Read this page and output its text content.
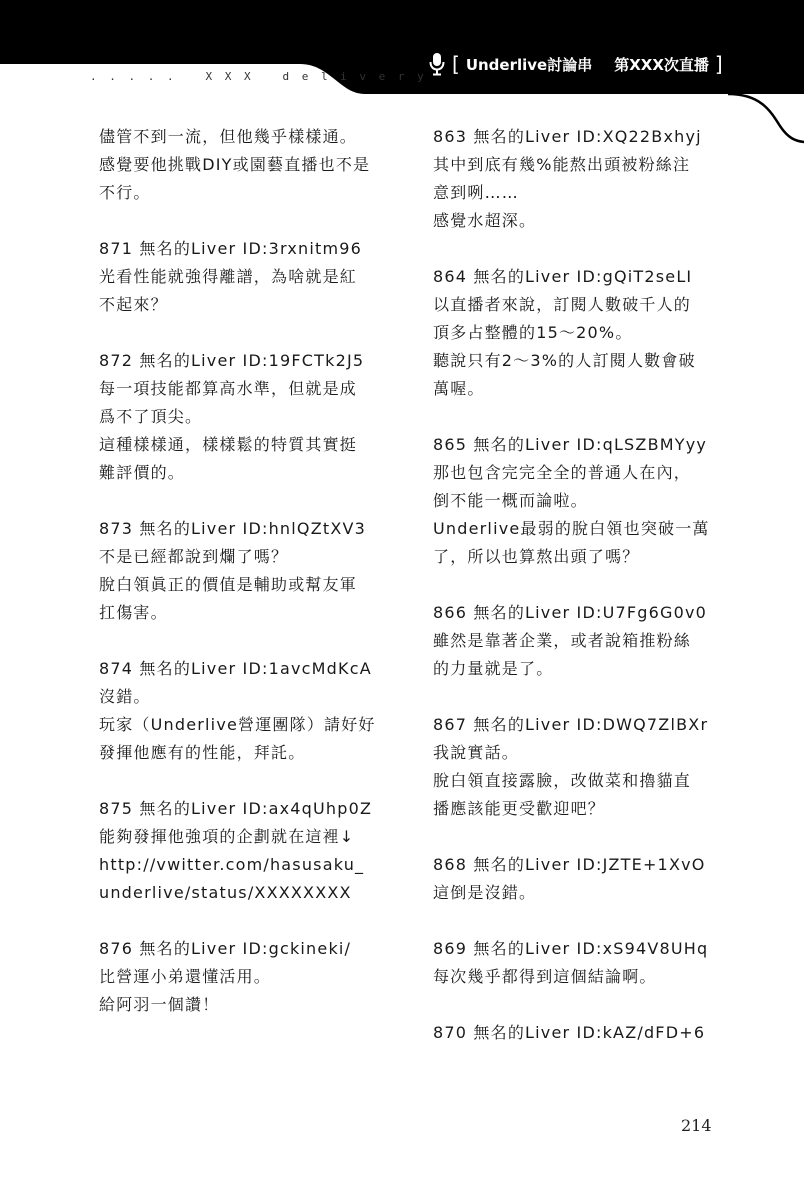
. . . . .   X X X   d e l i v e r y
[ Underlive討論串 第XXX次直播 ]

儘管不到一流，但他幾乎樣樣通。
感覺要他挑戰DIY或園藝直播也不是
不行。

871 無名的Liver ID:3rxnitm96
光看性能就強得離譜，為啥就是紅
不起來？

872 無名的Liver ID:19FCTk2J5
每一項技能都算高水準，但就是成
爲不了頂尖。
這種樣樣通，樣樣鬆的特質其實挺
難評價的。

873 無名的Liver ID:hnlQZtXV3
不是已經都說到爛了嗎？
脫白領眞正的價值是輔助或幫友軍
扛傷害。

874 無名的Liver ID:1avcMdKcA
沒錯。
玩家（Underlive營運團隊）請好好
發揮他應有的性能，拜託。

875 無名的Liver ID:ax4qUhp0Z
能夠發揮他強項的企劃就在這裡↓
http://vwitter.com/hasusaku_
underlive/status/XXXXXXXX

876 無名的Liver ID:gckineki/
比營運小弟還懂活用。
給阿羽一個讚！

863 無名的Liver ID:XQ22Bxhyj
其中到底有幾%能熬出頭被粉絲注
意到咧……
感覺水超深。

864 無名的Liver ID:gQiT2seLI
以直播者來說，訂閱人數破千人的
頂多占整體的15～20%。
聽說只有2～3%的人訂閱人數會破
萬喔。

865 無名的Liver ID:qLSZBMYyy
那也包含完完全全的普通人在內，
倒不能一概而論啦。
Underlive最弱的脫白領也突破一萬
了，所以也算熬出頭了嗎？

866 無名的Liver ID:U7Fg6G0v0
雖然是靠著企業，或者說箱推粉絲
的力量就是了。

867 無名的Liver ID:DWQ7ZlBXr
我說實話。
脫白領直接露臉，改做菜和擼貓直
播應該能更受歡迎吧？

868 無名的Liver ID:JZTE+1XvO
這倒是沒錯。

869 無名的Liver ID:xS94V8UHq
每次幾乎都得到這個結論啊。

870 無名的Liver ID:kAZ/dFD+6

214
